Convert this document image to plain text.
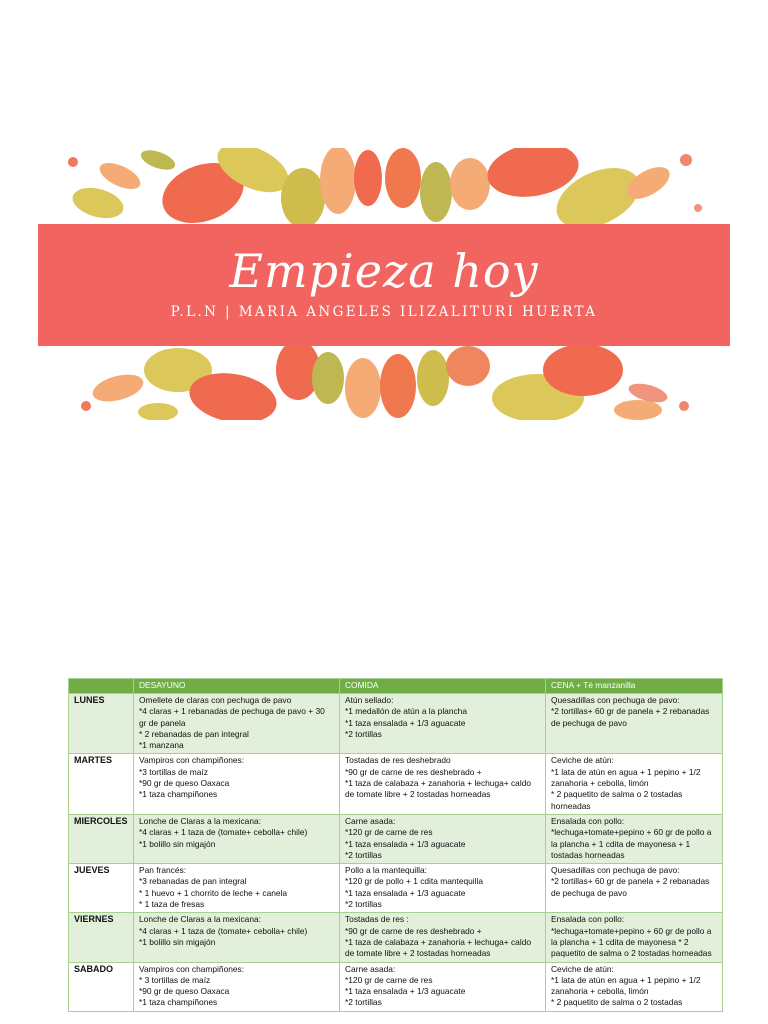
Empieza hoy
P.L.N | MARIA ANGELES ILIZALITURI HUERTA
	DESAYUNO	COMIDA	CENA + Té manzanilla
LUNES	Omellete de claras con pechuga de pavo
*4 claras + 1 rebanadas de pechuga de pavo + 30 gr de panela
* 2 rebanadas de pan integral
*1 manzana	Atún sellado:
*1 medallón de atún a la plancha
*1 taza ensalada + 1/3 aguacate
*2 tortillas	Quesadillas con pechuga de pavo:
*2 tortillas+ 60 gr de panela + 2 rebanadas de pechuga de pavo

MARTES	Vampiros con champiñones:
*3 tortillas de maíz
*90 gr de queso Oaxaca
*1 taza champiñones	Tostadas de res deshebrado
*90 gr de carne de res deshebrado +
*1 taza de calabaza + zanahoria + lechuga+ caldo de tomate libre + 2 tostadas horneadas	Ceviche de atún:
*1 lata de atún en agua + 1 pepino + 1/2 zanahoria + cebolla, limón
* 2 paquetito de salma o 2 tostadas horneadas

MIERCOLES	Lonche de Claras a la mexicana:
*4 claras + 1 taza de (tomate+ cebolla+ chile)
*1 bolillo sin migajón	Carne asada:
*120 gr de carne de res
*1 taza ensalada + 1/3 aguacate
*2 tortillas	Ensalada con pollo:
*lechuga+tomate+pepino + 60 gr de pollo a la plancha + 1 cdita de mayonesa + 1 tostadas horneadas

JUEVES	Pan francés:
*3 rebanadas de pan integral
* 1 huevo + 1 chorrito de leche + canela
* 1 taza de fresas	Pollo a la mantequilla:
*120 gr de pollo + 1 cdita mantequilla
*1 taza ensalada + 1/3 aguacate
*2 tortillas	Quesadillas con pechuga de pavo:
*2 tortillas+ 60 gr de panela + 2 rebanadas de pechuga de pavo

VIERNES	Lonche de Claras a la mexicana:
*4 claras + 1 taza de (tomate+ cebolla+ chile)
*1 bolillo sin migajón	Tostadas de res :
*90 gr de carne de res deshebrado +
*1 taza de calabaza + zanahoria + lechuga+ caldo de tomate libre + 2 tostadas horneadas	Ensalada con pollo:
*lechuga+tomate+pepino + 60 gr de pollo a la plancha + 1 cdita de mayonesa * 2 paquetito de salma o 2 tostadas horneadas

SABADO	Vampiros con champiñones:
* 3 tortillas de maíz
*90 gr de queso Oaxaca
*1 taza champiñones	Carne asada:
*120 gr de carne de res
*1 taza ensalada + 1/3 aguacate
*2 tortillas	Ceviche de atún:
*1 lata de atún en agua + 1 pepino + 1/2 zanahoria + cebolla, limón
* 2 paquetito de salma o 2 tostadas
